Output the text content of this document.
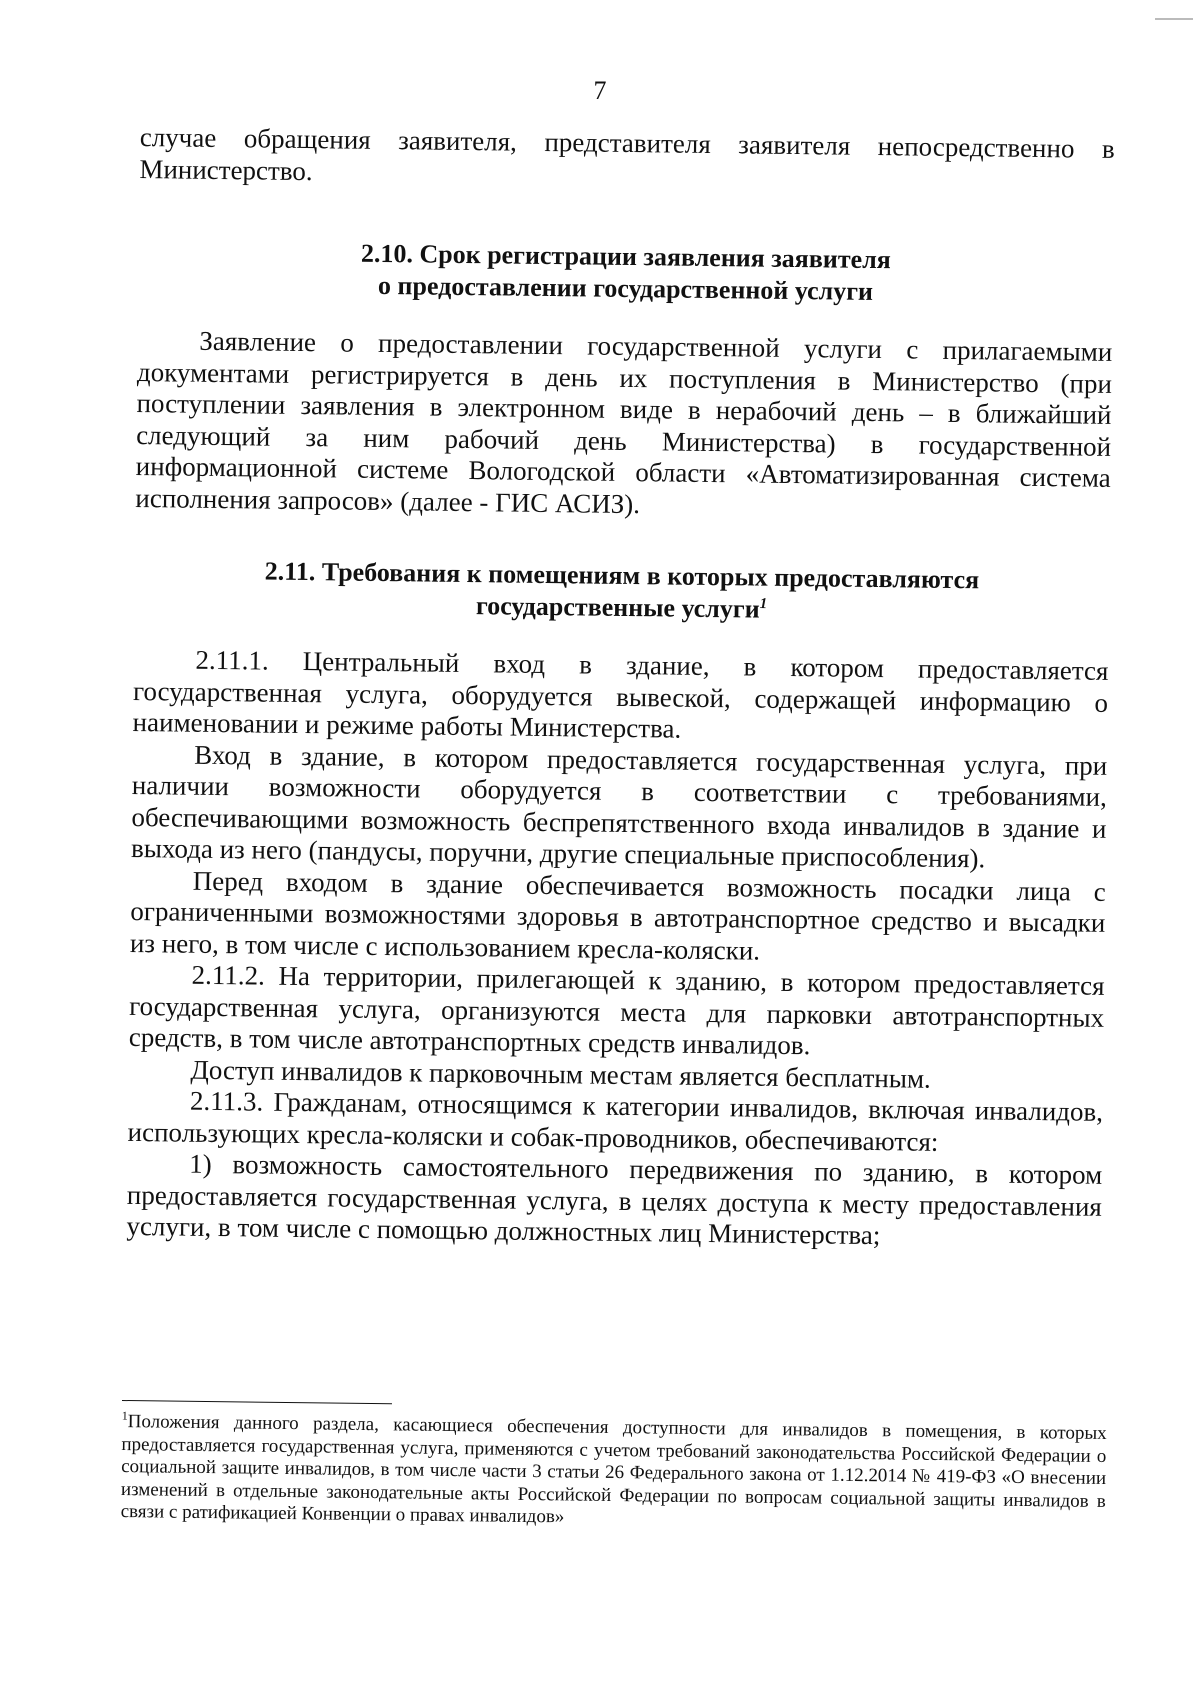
7

случае обращения заявителя, представителя заявителя непосредственно в Министерство.

2.10. Срок регистрации заявления заявителя
о предоставлении государственной услуги

Заявление о предоставлении государственной услуги с прилагаемыми документами регистрируется в день их поступления в Министерство (при поступлении заявления в электронном виде в нерабочий день – в ближайший следующий за ним рабочий день Министерства) в государственной информационной системе Вологодской области «Автоматизированная система исполнения запросов» (далее - ГИС АСИЗ).

2.11. Требования к помещениям в которых предоставляются
государственные услуги$^1$

2.11.1. Центральный вход в здание, в котором предоставляется государственная услуга, оборудуется вывеской, содержащей информацию о наименовании и режиме работы Министерства.

Вход в здание, в котором предоставляется государственная услуга, при наличии возможности оборудуется в соответствии с требованиями, обеспечивающими возможность беспрепятственного входа инвалидов в здание и выхода из него (пандусы, поручни, другие специальные приспособления).

Перед входом в здание обеспечивается возможность посадки лица с ограниченными возможностями здоровья в автотранспортное средство и высадки из него, в том числе с использованием кресла-коляски.

2.11.2. На территории, прилегающей к зданию, в котором предоставляется государственная услуга, организуются места для парковки автотранспортных средств, в том числе автотранспортных средств инвалидов.

Доступ инвалидов к парковочным местам является бесплатным.

2.11.3. Гражданам, относящимся к категории инвалидов, включая инвалидов, использующих кресла-коляски и собак-проводников, обеспечиваются:

1) возможность самостоятельного передвижения по зданию, в котором предоставляется государственная услуга, в целях доступа к месту предоставления услуги, в том числе с помощью должностных лиц Министерства;

$^1$Положения данного раздела, касающиеся обеспечения доступности для инвалидов в помещения, в которых предоставляется государственная услуга, применяются с учетом требований законодательства Российской Федерации о социальной защите инвалидов, в том числе части 3 статьи 26 Федерального закона от 1.12.2014 № 419-ФЗ «О внесении изменений в отдельные законодательные акты Российской Федерации по вопросам социальной защиты инвалидов в связи с ратификацией Конвенции о правах инвалидов»
